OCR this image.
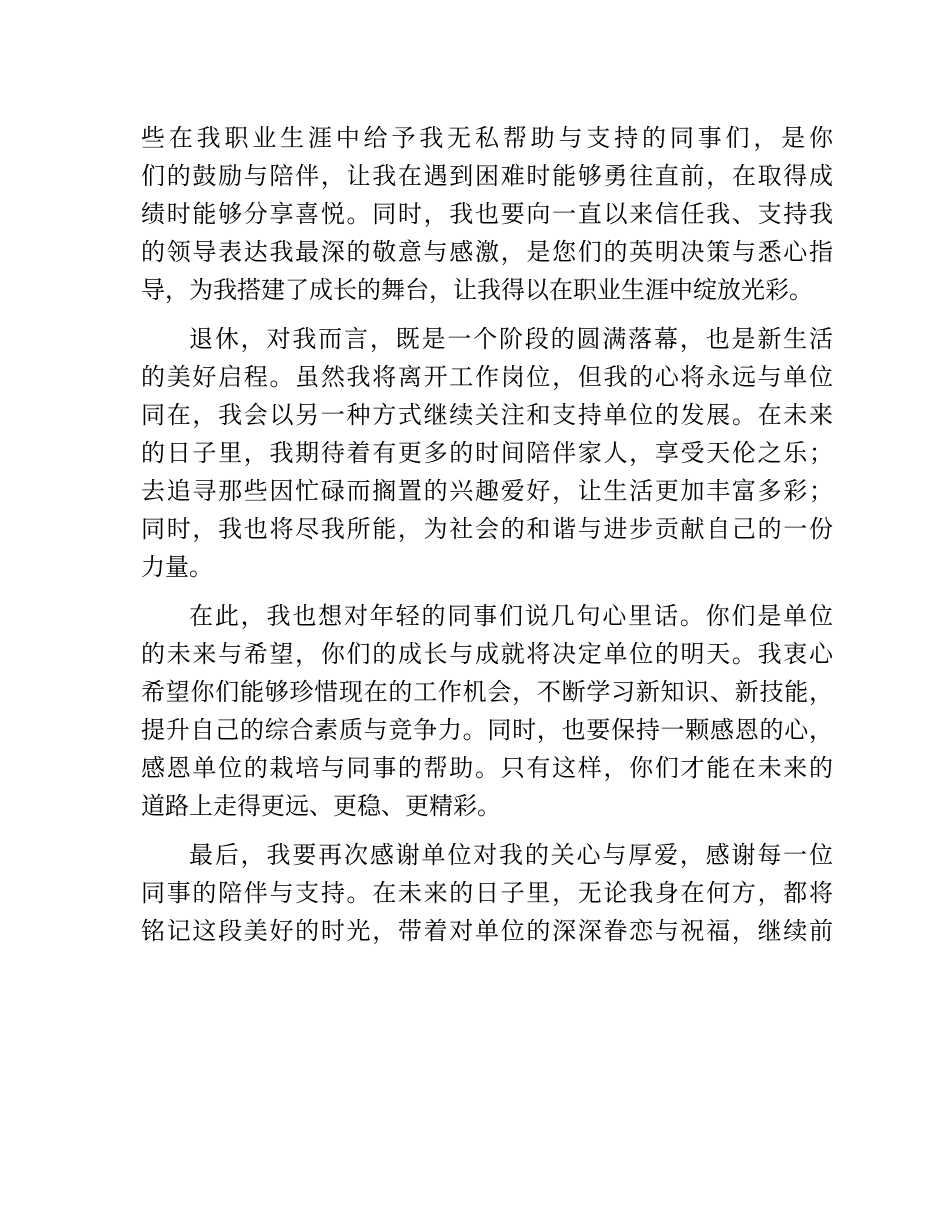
些在我职业生涯中给予我无私帮助与支持的同事们，是你
们的鼓励与陪伴，让我在遇到困难时能够勇往直前，在取得成
绩时能够分享喜悦。同时，我也要向一直以来信任我、支持我
的领导表达我最深的敬意与感激，是您们的英明决策与悉心指
导，为我搭建了成长的舞台，让我得以在职业生涯中绽放光彩。
退休，对我而言，既是一个阶段的圆满落幕，也是新生活
的美好启程。虽然我将离开工作岗位，但我的心将永远与单位
同在，我会以另一种方式继续关注和支持单位的发展。在未来
的日子里，我期待着有更多的时间陪伴家人，享受天伦之乐；
去追寻那些因忙碌而搁置的兴趣爱好，让生活更加丰富多彩；
同时，我也将尽我所能，为社会的和谐与进步贡献自己的一份
力量。
在此，我也想对年轻的同事们说几句心里话。你们是单位
的未来与希望，你们的成长与成就将决定单位的明天。我衷心
希望你们能够珍惜现在的工作机会，不断学习新知识、新技能，
提升自己的综合素质与竞争力。同时，也要保持一颗感恩的心，
感恩单位的栽培与同事的帮助。只有这样，你们才能在未来的
道路上走得更远、更稳、更精彩。
最后，我要再次感谢单位对我的关心与厚爱，感谢每一位
同事的陪伴与支持。在未来的日子里，无论我身在何方，都将
铭记这段美好的时光，带着对单位的深深眷恋与祝福，继续前
